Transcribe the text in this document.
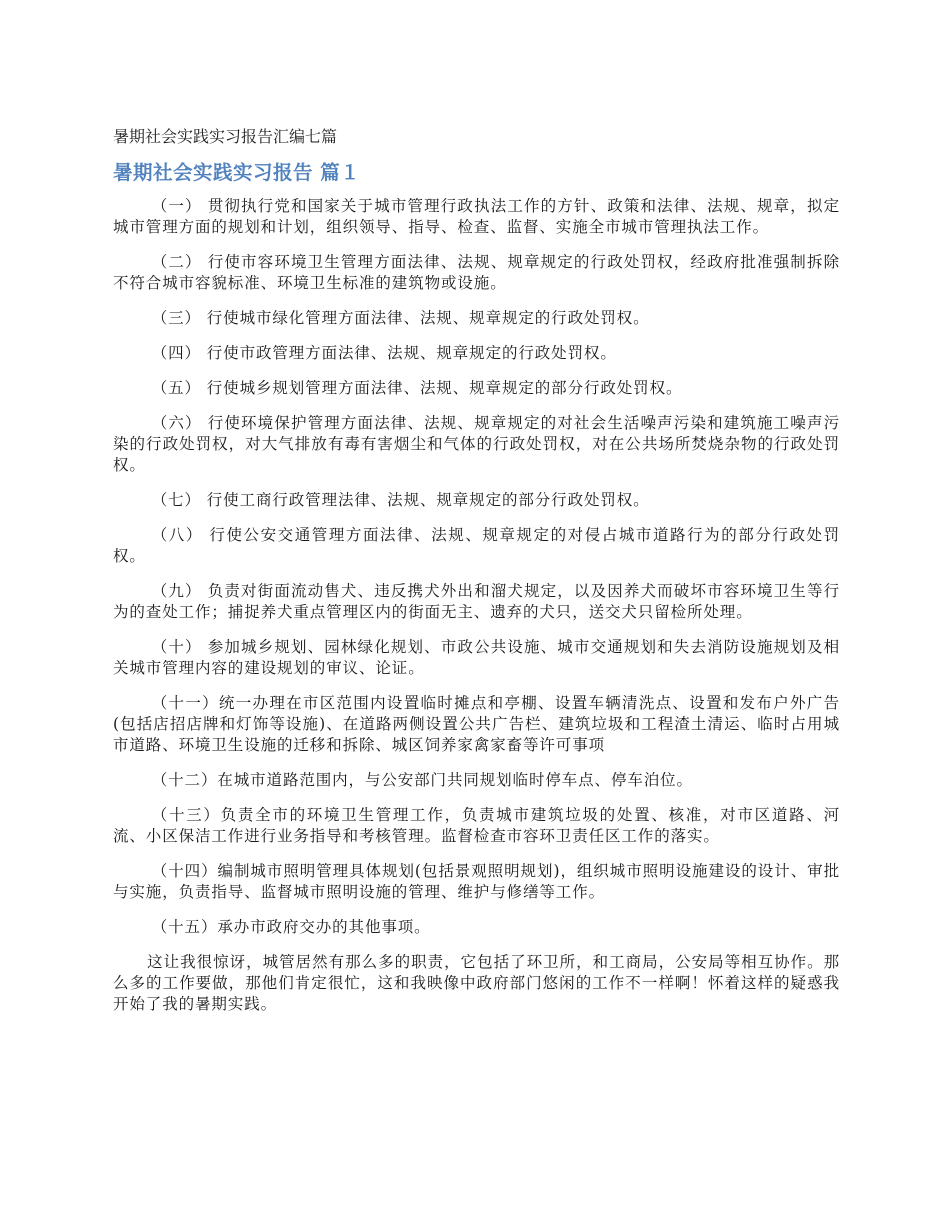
暑期社会实践实习报告汇编七篇
暑期社会实践实习报告 篇１
（一） 贯彻执行党和国家关于城市管理行政执法工作的方针、政策和法律、法规、规章，拟定城市管理方面的规划和计划，组织领导、指导、检查、监督、实施全市城市管理执法工作。
（二） 行使市容环境卫生管理方面法律、法规、规章规定的行政处罚权，经政府批准强制拆除不符合城市容貌标准、环境卫生标准的建筑物或设施。
（三） 行使城市绿化管理方面法律、法规、规章规定的行政处罚权。
（四） 行使市政管理方面法律、法规、规章规定的行政处罚权。
（五） 行使城乡规划管理方面法律、法规、规章规定的部分行政处罚权。
（六） 行使环境保护管理方面法律、法规、规章规定的对社会生活噪声污染和建筑施工噪声污染的行政处罚权，对大气排放有毒有害烟尘和气体的行政处罚权，对在公共场所焚烧杂物的行政处罚权。
（七） 行使工商行政管理法律、法规、规章规定的部分行政处罚权。
（八） 行使公安交通管理方面法律、法规、规章规定的对侵占城市道路行为的部分行政处罚权。
（九） 负责对街面流动售犬、违反携犬外出和溜犬规定，以及因养犬而破坏市容环境卫生等行为的查处工作；捕捉养犬重点管理区内的街面无主、遗弃的犬只，送交犬只留检所处理。
（十） 参加城乡规划、园林绿化规划、市政公共设施、城市交通规划和失去消防设施规划及相关城市管理内容的建设规划的审议、论证。
（十一）统一办理在市区范围内设置临时摊点和亭棚、设置车辆清洗点、设置和发布户外广告(包括店招店牌和灯饰等设施)、在道路两侧设置公共广告栏、建筑垃圾和工程渣土清运、临时占用城市道路、环境卫生设施的迁移和拆除、城区饲养家禽家畜等许可事项
（十二）在城市道路范围内，与公安部门共同规划临时停车点、停车泊位。
（十三）负责全市的环境卫生管理工作，负责城市建筑垃圾的处置、核准，对市区道路、河流、小区保洁工作进行业务指导和考核管理。监督检查市容环卫责任区工作的落实。
（十四）编制城市照明管理具体规划(包括景观照明规划)，组织城市照明设施建设的设计、审批与实施，负责指导、监督城市照明设施的管理、维护与修缮等工作。
（十五）承办市政府交办的其他事项。
这让我很惊讶，城管居然有那么多的职责，它包括了环卫所，和工商局，公安局等相互协作。那么多的工作要做，那他们肯定很忙，这和我映像中政府部门悠闲的工作不一样啊！怀着这样的疑惑我开始了我的暑期实践。
